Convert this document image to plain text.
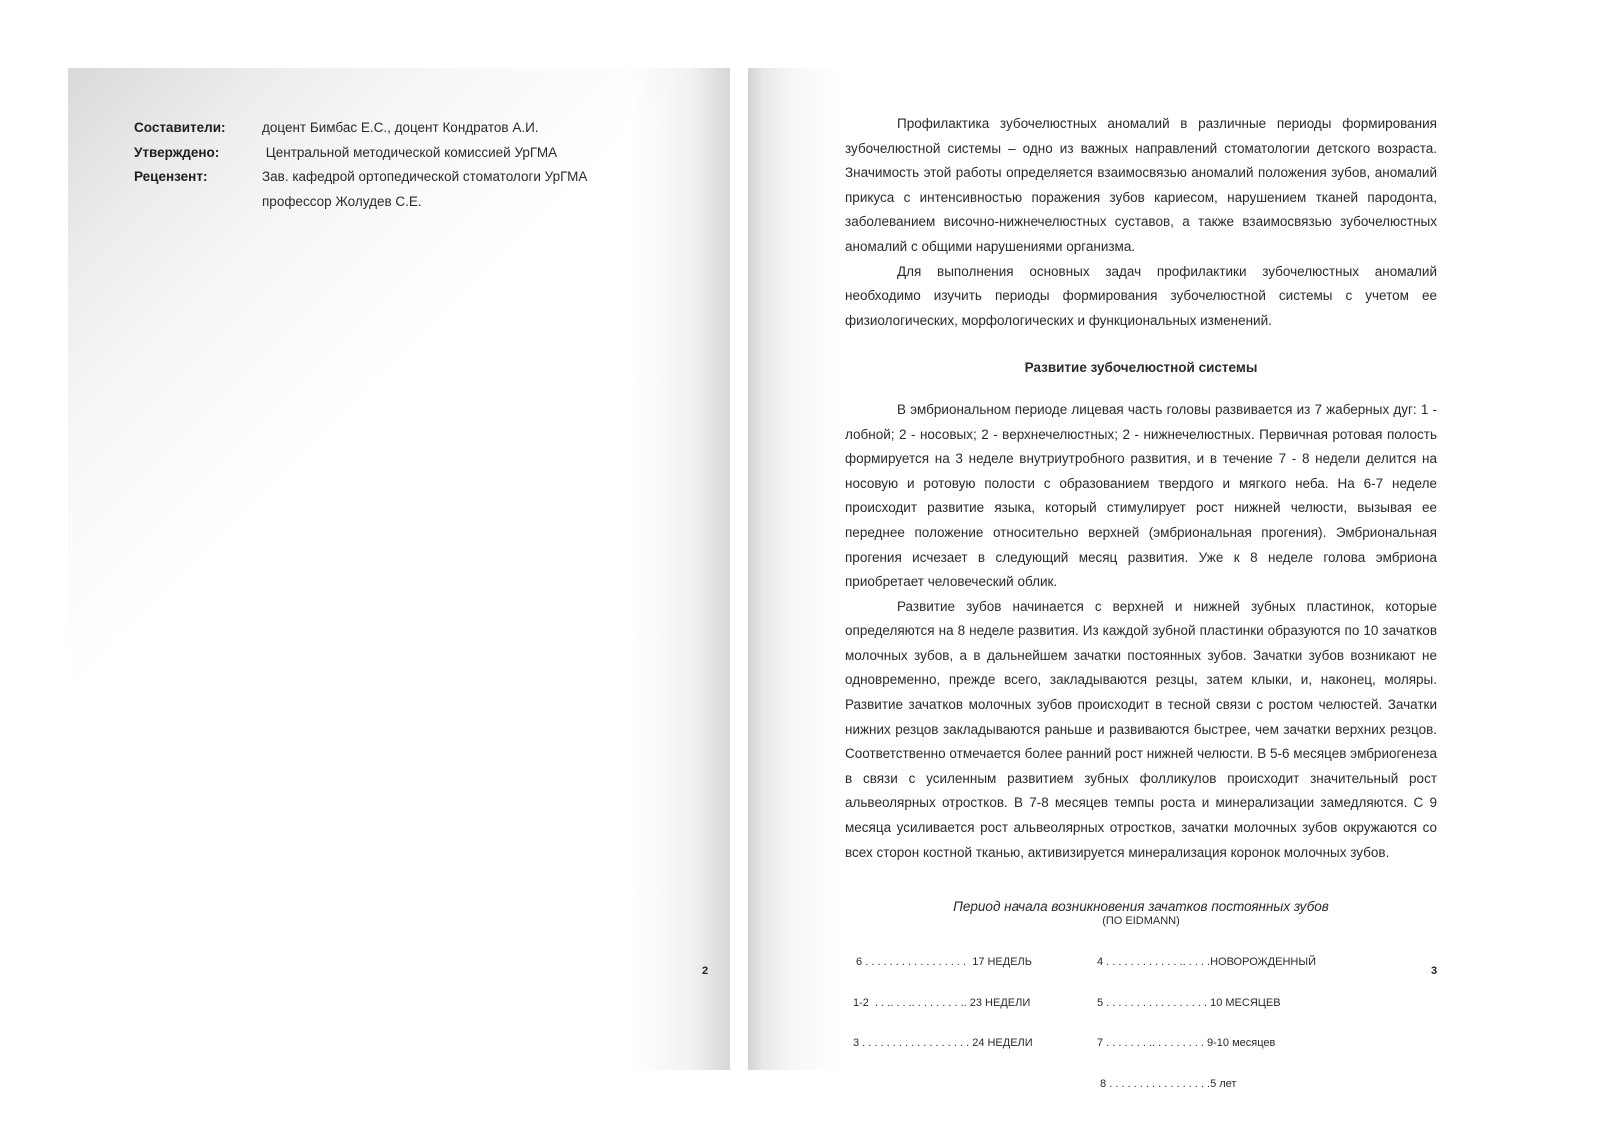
Составители:	доцент Бимбас Е.С., доцент Кондратов А.И.
Утверждено:	Центральной методической комиссией УрГМА
Рецензент:	Зав. кафедрой ортопедической стоматологи УрГМА
профессор Жолудев С.Е.
2

Профилактика зубочелюстных аномалий в различные периоды формирования зубочелюстной системы – одно из важных направлений стоматологии детского возраста. Значимость этой работы определяется взаимосвязью аномалий положения зубов, аномалий прикуса с интенсивностью поражения зубов кариесом, нарушением тканей пародонта, заболеванием височно-нижнечелюстных суставов, а также взаимосвязью зубочелюстных аномалий с общими нарушениями организма.

Для выполнения основных задач профилактики зубочелюстных аномалий необходимо изучить периоды формирования зубочелюстной системы с учетом ее физиологических, морфологических и функциональных изменений.

Развитие зубочелюстной системы

В эмбриональном периоде лицевая часть головы развивается из 7 жаберных дуг: 1 - лобной; 2 - носовых; 2 - верхнечелюстных; 2 - нижнечелюстных. Первичная ротовая полость формируется на 3 неделе внутриутробного развития, и в течение 7 - 8 недели делится на носовую и ротовую полости с образованием твердого и мягкого неба. На 6-7 неделе происходит развитие языка, который стимулирует рост нижней челюсти, вызывая ее переднее положение относительно верхней (эмбриональная прогения). Эмбриональная прогения исчезает в следующий месяц развития. Уже к 8 неделе голова эмбриона приобретает человеческий облик.

Развитие зубов начинается с верхней и нижней зубных пластинок, которые определяются на 8 неделе развития. Из каждой зубной пластинки образуются по 10 зачатков молочных зубов, а в дальнейшем зачатки постоянных зубов. Зачатки зубов возникают не одновременно, прежде всего, закладываются резцы, затем клыки, и, наконец, моляры. Развитие зачатков молочных зубов происходит в тесной связи с ростом челюстей. Зачатки нижних резцов закладываются раньше и развиваются быстрее, чем зачатки верхних резцов. Соответственно отмечается более ранний рост нижней челюсти. В 5-6 месяцев эмбриогенеза в связи с усиленным развитием зубных фолликулов происходит значительный рост альвеолярных отростков. В 7-8 месяцев темпы роста и минерализации замедляются. С 9 месяца усиливается рост альвеолярных отростков, зачатки молочных зубов окружаются со всех сторон костной тканью, активизируется минерализация коронок молочных зубов.

Период начала возникновения зачатков постоянных зубов
(ПО EIDMANN)

6 . . . . . . . . . . . . . . . . .  17 НЕДЕЛЬ

1-2  . . .. . . .. . . . . . . . .. 23 НЕДЕЛИ

3 . . . . . . . . . . . . . . . . . . 24 НЕДЕЛИ

4 . . . . . . . . . . . . .. . . . .НОВОРОЖДЕННЫЙ

5 . . . . . . . . . . . . . . . . . 10 МЕСЯЦЕВ

7 . . . . . . . .. . . . . . . . . 9-10 месяцев

8 . . . . . . . . . . . . . . . . .5 лет

3
